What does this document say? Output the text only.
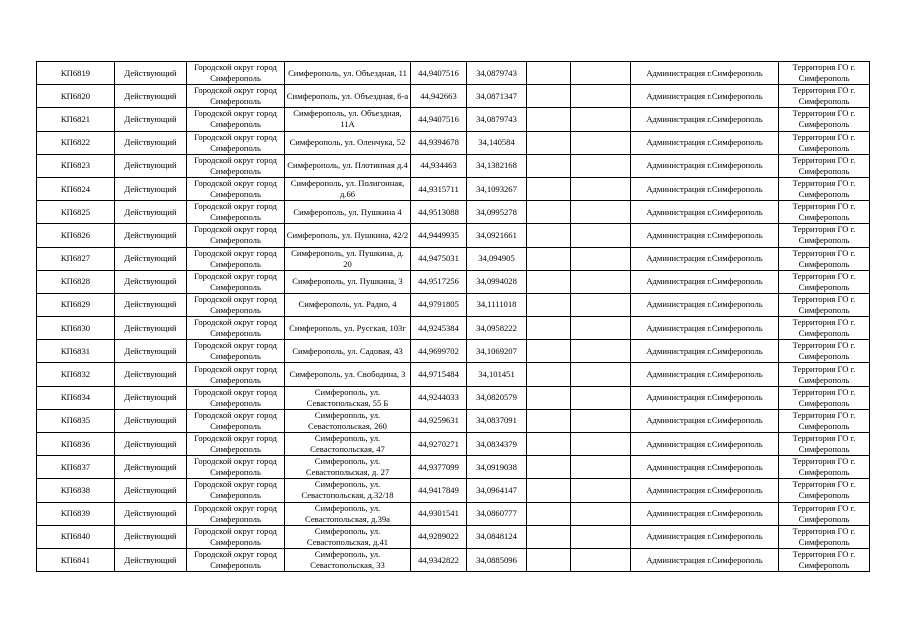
КП6819	Действующий	Городской округ город Симферополь	Симферополь, ул. Объездная, 11	44,9407516	34,0879743			Администрация г.Симферополь	Территория ГО г. Симферополь
КП6820	Действующий	Городской округ город Симферополь	Симферополь, ул. Объездная, 6-а	44,942663	34,0871347			Администрация г.Симферополь	Территория ГО г. Симферополь
КП6821	Действующий	Городской округ город Симферополь	Симферополь, ул. Объездная, 11А	44,9407516	34,0879743			Администрация г.Симферополь	Территория ГО г. Симферополь
КП6822	Действующий	Городской округ город Симферополь	Симферополь, ул. Оленчука, 52	44,9394678	34,140584			Администрация г.Симферополь	Территория ГО г. Симферополь
КП6823	Действующий	Городской округ город Симферополь	Симферополь, ул. Плотинная д.4	44,934463	34,1382168			Администрация г.Симферополь	Территория ГО г. Симферополь
КП6824	Действующий	Городской округ город Симферополь	Симферополь, ул. Полигонная, д.66	44,9315711	34,1093267			Администрация г.Симферополь	Территория ГО г. Симферополь
КП6825	Действующий	Городской округ город Симферополь	Симферополь, ул. Пушкина 4	44,9513088	34,0995278			Администрация г.Симферополь	Территория ГО г. Симферополь
КП6826	Действующий	Городской округ город Симферополь	Симферополь, ул. Пушкина, 42/2	44,9449935	34,0921661			Администрация г.Симферополь	Территория ГО г. Симферополь
КП6827	Действующий	Городской округ город Симферополь	Симферополь, ул. Пушкина, д. 20	44,9475031	34,094905			Администрация г.Симферополь	Территория ГО г. Симферополь
КП6828	Действующий	Городской округ город Симферополь	Симферополь, ул. Пушкина, 3	44,9517256	34,0994028			Администрация г.Симферополь	Территория ГО г. Симферополь
КП6829	Действующий	Городской округ город Симферополь	Симферополь, ул. Радио, 4	44,9791805	34,1111018			Администрация г.Симферополь	Территория ГО г. Симферополь
КП6830	Действующий	Городской округ город Симферополь	Симферополь, ул. Русская, 103г	44,9245384	34,0958222			Администрация г.Симферополь	Территория ГО г. Симферополь
КП6831	Действующий	Городской округ город Симферополь	Симферополь, ул. Садовая, 43	44,9699702	34,1069207			Администрация г.Симферополь	Территория ГО г. Симферополь
КП6832	Действующий	Городской округ город Симферополь	Симферополь, ул. Свободина, 3	44,9715484	34,101451			Администрация г.Симферополь	Территория ГО г. Симферополь
КП6834	Действующий	Городской округ город Симферополь	Симферополь, ул. Севастопольская, 55 Б	44,9244033	34,0820579			Администрация г.Симферополь	Территория ГО г. Симферополь
КП6835	Действующий	Городской округ город Симферополь	Симферополь, ул. Севастопольская, 260	44,9259631	34,0837091			Администрация г.Симферополь	Территория ГО г. Симферополь
КП6836	Действующий	Городской округ город Симферополь	Симферополь, ул. Севастопольская, 47	44,9270271	34,0834379			Администрация г.Симферополь	Территория ГО г. Симферополь
КП6837	Действующий	Городской округ город Симферополь	Симферополь, ул. Севастопольская, д. 27	44,9377099	34,0919038			Администрация г.Симферополь	Территория ГО г. Симферополь
КП6838	Действующий	Городской округ город Симферополь	Симферополь, ул. Севастопольская, д.32/18	44,9417849	34,0964147			Администрация г.Симферополь	Территория ГО г. Симферополь
КП6839	Действующий	Городской округ город Симферополь	Симферополь, ул. Севастопольская, д.39а	44,9301541	34,0860777			Администрация г.Симферополь	Территория ГО г. Симферополь
КП6840	Действующий	Городской округ город Симферополь	Симферополь, ул. Севастопольская, д.41	44,9289022	34,0848124			Администрация г.Симферополь	Территория ГО г. Симферополь
КП6841	Действующий	Городской округ город Симферополь	Симферополь, ул. Севастопольская, 33	44,9342822	34,0885096			Администрация г.Симферополь	Территория ГО г. Симферополь
